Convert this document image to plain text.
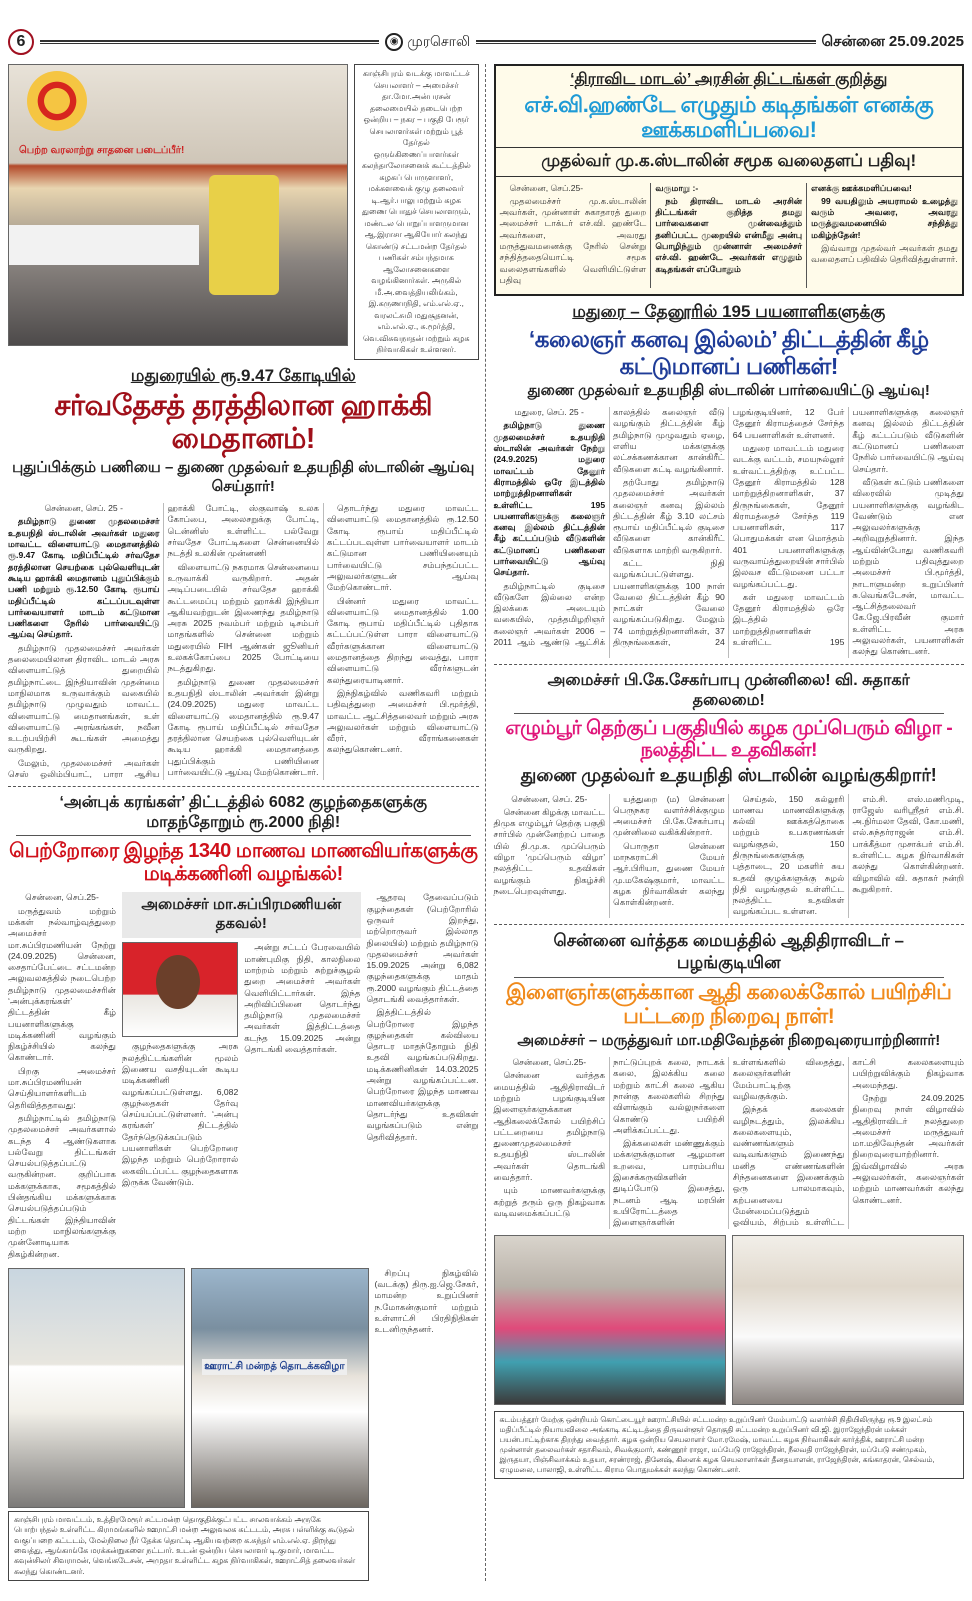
6	◉ முரசொலி	சென்னை 25.09.2025
பெற்ற வரலாற்று சாதனை படைப்பீர்!
காஞ்சிபுரம் வடக்கு மாவட்டச் செயலாளர் – அமைச்சர் தா.மோ.அன்பரசன் தலைமையில் நடைபெற்ற ஒன்றிய – நகர – பகுதி பேரூர் செயலாளர்கள் மற்றும் பூத் தேர்தல் ஒருங்கிணைப்பாளர்கள் கலந்தாலோசனைக் கூட்டத்தில் கழகப் பொருளாளர், மக்களவைக் குழு தலைவர் டி.ஆர்.பாலு மற்றும் கழக துணை பொதுச் செயலாளரும், மண்டல பொறுப்பாளருமான ஆ.இராசா ஆகியோர் கலந்து கொண்டு சட்டமன்ற தேர்தல் பணிகள் சம்பந்தமாக ஆலோசனைகளை வழங்கினார்கள். அருகில் மீ.அ.வைத்தியலிங்கம், இ.கருணாநிதி, எம்.எல்.ஏ., வரலட்சுமி மதுசூதனன், எம்.எல்.ஏ., சு.மூர்த்தி, வெ.விசுவநாதன் மற்றும் கழக நிர்வாகிகள் உள்ளனர்.
மதுரையில் ரூ.9.47 கோடியில்
சர்வதேசத் தரத்திலான ஹாக்கி மைதானம்!
புதுப்பிக்கும் பணியை – துணை முதல்வர் உதயநிதி ஸ்டாலின் ஆய்வு செய்தார்!

சென்னை, செப். 25 -

தமிழ்நாடு துணை முதலமைச்சர் உதயநிதி ஸ்டாலின் அவர்கள் மதுரை மாவட்ட விளையாட்டு மைதானத்தில் ரூ.9.47 கோடி மதிப்பீட்டில் சர்வதேச தரத்திலான செயற்கை புல்வெளியுடன் கூடிய ஹாக்கி மைதானம் புதுப்பிக்கும் பணி மற்றும் ரூ.12.50 கோடி ரூபாய் மதிப்பீட்டில் கட்டப்படவுள்ள பார்வையாளர் மாடம் கட்டுமான பணிகளை நேரில் பார்வையிட்டு ஆய்வு செய்தார்.

தமிழ்நாடு முதலமைச்சர் அவர்கள் தலைமையிலான திராவிட மாடல் அரசு விளையாட்டுத் துறையில் தமிழ்நாட்டை இந்தியாவின் முதன்மை மாநிலமாக உருவாக்கும் வகையில் தமிழ்நாடு முழுவதும் மாவட்ட விளையாட்டு மைதானங்கள், உள் விளையாட்டு அரங்கங்கள், நவீன உடற்பயிற்சி கூடங்கள் அமைத்து வருகிறது.

மேலும், முதலமைச்சர் அவர்கள் செஸ் ஒலிம்பியாட், பாரா ஆசிய ஹாக்கி போட்டி, ஸ்குவாஷ் உலக கோப்பை, அலைசறுக்கு போட்டி, டென்னிஸ் உள்ளிட்ட பல்வேறு சர்வதேச போட்டிகளை சென்னையில் நடத்தி உலகின் முன்னணி

விளையாட்டு நகரமாக சென்னையை உருவாக்கி வருகிறார். அதன் அடிப்படையில் சர்வதேச ஹாக்கி கூட்டமைப்பு மற்றும் ஹாக்கி இந்தியா ஆகியவற்றுடன் இணைந்து தமிழ்நாடு அரசு 2025 நவம்பர் மற்றும் டிசம்பர் மாதங்களில் சென்னை மற்றும் மதுரையில் FIH ஆண்கள் ஜூனியர் உலகக்கோப்பை 2025 போட்டியை நடத்துகிறது.

தமிழ்நாடு துணை முதலமைச்சர் உதயநிதி ஸ்டாலின் அவர்கள் இன்று (24.09.2025) மதுரை மாவட்ட விளையாட்டு மைதானத்தில் ரூ.9.47 கோடி ரூபாய் மதிப்பீட்டில் சர்வதேச தரத்திலான செயற்கை புல்வெளியுடன் கூடிய ஹாக்கி மைதானத்தை புதுப்பிக்கும் பணியினை பார்வையிட்டு ஆய்வு மேற்கொண்டார்.

தொடர்ந்து மதுரை மாவட்ட விளையாட்டு மைதானத்தில் ரூ.12.50 கோடி ரூபாய் மதிப்பீட்டில் கட்டப்படவுள்ள பார்வையாளர் மாடம் கட்டுமான பணியினையும் பார்வையிட்டு சம்பந்தப்பட்ட அலுவலர்களுடன் ஆய்வு மேற்கொண்டார்.

பின்னர் மதுரை மாவட்ட விளையாட்டு மைதானத்தில் 1.00 கோடி ரூபாய் மதிப்பீட்டில் புதிதாக கட்டப்பட்டுள்ள பாரா விளையாட்டு வீரர்களுக்கான விளையாட்டு மைதானத்தை திறந்து வைத்து, பாரா விளையாட்டு வீரர்களுடன் கலந்துரையாடினார்.

இந்நிகழ்வில் வணிகவரி மற்றும் பதிவுத்துறை அமைச்சர் பி.மூர்த்தி, மாவட்ட ஆட்சித்தலைவர் மற்றும் அரசு அலுவலர்கள் மற்றும் விளையாட்டு வீரர், வீராங்கனைகள் கலந்துகொண்டனர்.

‘அன்புக் கரங்கள்’ திட்டத்தில் 6082 குழந்தைகளுக்கு மாதந்தோறும் ரூ.2000 நிதி!
பெற்றோரை இழந்த 1340 மாணவ மாணவியர்களுக்கு மடிக்கணினி வழங்கல்!

சென்னை, செப்.25-

மருத்துவம் மற்றும் மக்கள் நல்வாழ்வுத்துறை அமைச்சர் மா.சுப்பிரமணியன் நேற்று (24.09.2025) சென்னை, சைதாப்பேட்டை சட்டமன்ற அலுவலகத்தில் நடைபெற்ற தமிழ்நாடு முதலமைச்சரின் ‘அன்புக்கரங்கள்’ திட்டத்தின் கீழ் பயனாளிகளுக்கு மடிக்கணினி வழங்கும் நிகழ்ச்சியில் கலந்து கொண்டார்.

பிறகு அமைச்சர் மா.சுப்பிரமணியன் செய்தியாளர்களிடம் தெரிவித்ததாவது:

தமிழ்நாட்டில் தமிழ்நாடு முதலமைச்சர் அவர்களால் கடந்த 4 ஆண்டுகளாக பல்வேறு திட்டங்கள் செயல்படுத்தப்பட்டு வருகின்றன. குறிப்பாக மக்களுக்காக, சமூகத்தில் பின்தங்கிய மக்களுக்காக செயல்படுத்தப்படும் திட்டங்கள் இந்தியாவின் மற்ற மாநிலங்களுக்கு முன்னோடியாக திகழ்கின்றன.

அமைச்சர் மா.சுப்பிரமணியன் தகவல்!

குழந்தைகளுக்கு அரசு நலத்திட்டங்களின் மூலம் இணைய வசதியுடன் கூடிய மடிக்கணினி வழங்கப்பட்டுள்ளது. 6,082 குழந்தைகள் தேர்வு செய்யப்பட்டுள்ளனர். ‘அன்பு கரங்கள்’ திட்டத்தில் தேர்ந்தெடுக்கப்படும் பயனாளிகள் பெற்றோரை இழந்த மற்றும் பெற்றோரால் கைவிடப்பட்ட குழந்தைகளாக இருக்க வேண்டும்.

அன்று சட்டப் பேரவையில் மாண்புமிகு நிதி, காலநிலை மாற்றம் மற்றும் சுற்றுச்சூழல் துறை அமைச்சர் அவர்கள் வெளியிட்டார்கள். இந்த அறிவிப்பினை தொடர்ந்து தமிழ்நாடு முதலமைச்சர் அவர்கள் இத்திட்டத்தை கடந்த 15.09.2025 அன்று தொடங்கி வைத்தார்கள்.

ஆதரவு தேவைப்படும் குழந்தைகள் (பெற்றோரில் ஒருவர் இறந்து, மற்றொருவர் இல்லாத நிலையில்) மற்றும் தமிழ்நாடு முதலமைச்சர் அவர்கள் 15.09.2025 அன்று 6,082 குழந்தைகளுக்கு மாதம் ரூ.2000 வழங்கும் திட்டத்தை தொடங்கி வைத்தார்கள்.

இத்திட்டத்தில் பெற்றோரை இழந்த குழந்தைகள் கல்வியை தொடர மாதந்தோறும் நிதி உதவி வழங்கப்படுகிறது. மடிக்கணினிகள் 14.03.2025 அன்று வழங்கப்பட்டன. பெற்றோரை இழந்த மாணவ மாணவியர்களுக்கு தொடர்ந்து உதவிகள் வழங்கப்படும் என்று தெரிவித்தார்.

ஊராட்சி மன்றத் தொடக்கவிழா
காஞ்சிபுரம் மாவட்டம், உத்திரமேரூர் சட்டமன்ற தொகுதிக்குட்பட்ட சாலவாக்கம் அருகே பொற்பந்தல் உள்ளிட்ட கிராமங்களில் ஊராட்சி மன்ற அலுவலக கட்டடம், அரசு பள்ளிக்கு கூடுதல் வகுப்பறை கட்டடம், மேல்நிலை நீர் தேக்க தொட்டி ஆகியவற்றை க.சுந்தர் எம்.எல்.ஏ. திறந்து வைத்து, ஆங்காங்கே மரக்கன்றுகளை நட்டார். உடன் ஒன்றிய செயலாளர் டி.குமார், மாவட்ட கவுன்சிலர் சிவராமன், வெங்கடேசன், அமுதா உள்ளிட்ட கழக நிர்வாகிகள், ஊராட்சித் தலைவர்கள் கலந்து கொண்டனர்.

சிறப்பு நிகழ்வில் (வடக்கு) திரு.ஐ.ஜெ.சேகர், மாமன்ற உறுப்பினர் ந.மோகன்குமார் மற்றும் உள்ளாட்சி பிரதிநிதிகள் உடனிருந்தனர்.

‘திராவிட மாடல்’ அரசின் திட்டங்கள் குறித்து
எச்.வி.ஹண்டே எழுதும் கடிதங்கள் எனக்கு ஊக்கமளிப்பவை!
முதல்வர் மு.க.ஸ்டாலின் சமூக வலைதளப் பதிவு!

சென்னை, செப்.25-

முதலமைச்சர் மு.க.ஸ்டாலின் அவர்கள், முன்னாள் சுகாதாரத் துறை அமைச்சர் டாக்டர் எச்.வி. ஹண்டே அவர்களை, அவரது மருத்துவமனைக்கு நேரில் சென்று சந்தித்ததையொட்டி சமூக வலைதளங்களில் வெளியிட்டுள்ள பதிவு

வருமாறு :-

நம் திராவிட மாடல் அரசின் திட்டங்கள் குறித்த தமது பார்வைகளை முன்வைத்தும் தனிப்பட்ட முறையில் என்மீது அன்பு பொழிந்தும் முன்னாள் அமைச்சர் எச்.வி. ஹண்டே அவர்கள் எழுதும் கடிதங்கள் எப்போதும்

எனக்கு ஊக்கமளிப்பவை!

99 வயதிலும் அயராமல் உழைத்து வரும் அவரை, அவரது மருத்துவமனையில் சந்தித்து மகிழ்ந்தேன்!

இவ்வாறு முதல்வர் அவர்கள் தமது வலைதளப் பதிவில் தெரிவித்துள்ளார்.

மதுரை – தேனூரில் 195 பயனாளிகளுக்கு
‘கலைஞர் கனவு இல்லம்’ திட்டத்தின் கீழ் கட்டுமானப் பணிகள்!
துணை முதல்வர் உதயநிதி ஸ்டாலின் பார்வையிட்டு ஆய்வு!

மதுரை, செப். 25 -

தமிழ்நாடு துணை முதலமைச்சர் உதயநிதி ஸ்டாலின் அவர்கள் நேற்று (24.9.2025) மதுரை மாவட்டம் தேனூர் கிராமத்தில் ஒரே இடத்தில் மாற்றுத்திறனாளிகள் உள்ளிட்ட 195 பயனாளிகளுக்கு கலைஞர் கனவு இல்லம் திட்டத்தின் கீழ் கட்டப்படும் வீடுகளின் கட்டுமானப் பணிகளை பார்வையிட்டு ஆய்வு செய்தார்.

தமிழ்நாட்டில் குடிசை வீடுகளே இல்லை என்ற இலக்கை அடையும் வகையில், முத்தமிழறிஞர் கலைஞர் அவர்கள் 2006 – 2011 ஆம் ஆண்டு ஆட்சிக் காலத்தில் கலைஞர் வீடு வழங்கும் திட்டத்தின் கீழ் தமிழ்நாடு முழுவதும் ஏழை, எளிய மக்களுக்கு லட்சக்கணக்கான கான்கிரீட் வீடுகளை கட்டி வழங்கினார்.

தற்போது தமிழ்நாடு முதலமைச்சர் அவர்கள் கலைஞர் கனவு இல்லம் திட்டத்தின் கீழ் 3.10 லட்சம் ரூபாய் மதிப்பீட்டில் குடிசை வீடுகளை கான்கிரீட் வீடுகளாக மாற்றி வருகிறார்.

கட்ட நிதி வழங்கப்பட்டுள்ளது. பயனாளிகளுக்கு 100 நாள் வேலை திட்டத்தின் கீழ் 90 நாட்கள் வேலை வழங்கப்படுகிறது. மேலும் 74 மாற்றுத்திறனாளிகள், 37 திருநங்கைகள், 24 பழங்குடியினர், 12 பேர் தேனூர் கிராமத்தைச் சேர்ந்த 64 பயனாளிகள் உள்ளனர்.

மதுரை மாவட்டம் மதுரை வடக்கு வட்டம், சமயநல்லூர் உள்வட்டத்திற்கு உட்பட்ட தேனூர் கிராமத்தில் 128 மாற்றுத்திறனாளிகள், 37 திருநங்கைகள், தேனூர் கிராமத்தைச் சேர்ந்த 119 பயனாளிகள், 117 பொதுமக்கள் என மொத்தம் 401 பயனாளிகளுக்கு வருவாய்த்துறையின் சார்பில் இலவச வீட்டுமனை பட்டா வழங்கப்பட்டது.

கள் மதுரை மாவட்டம் தேனூர் கிராமத்தில் ஒரே இடத்தில் மாற்றுத்திறனாளிகள் உள்ளிட்ட 195 பயனாளிகளுக்கு கலைஞர் கனவு இல்லம் திட்டத்தின் கீழ் கட்டப்படும் வீடுகளின் கட்டுமானப் பணிகளை நேரில் பார்வையிட்டு ஆய்வு செய்தார்.

வீடுகள் கட்டும் பணிகளை விரைவில் முடித்து பயனாளிகளுக்கு வழங்கிட வேண்டும் என அலுவலர்களுக்கு அறிவுறுத்தினார். இந்த ஆய்வின்போது வணிகவரி மற்றும் பதிவுத்துறை அமைச்சர் பி.மூர்த்தி, நாடாளுமன்ற உறுப்பினர் சு.வெங்கடேசன், மாவட்ட ஆட்சித்தலைவர் கே.ஜே.பிரவீன் குமார் உள்ளிட்ட அரசு அலுவலர்கள், பயனாளிகள் கலந்து கொண்டனர்.

அமைச்சர் பி.கே.சேகர்பாபு முன்னிலை! வி. சுதாகர் தலைமை!
எழும்பூர் தெற்குப் பகுதியில் கழக முப்பெரும் விழா - நலத்திட்ட உதவிகள்!
துணை முதல்வர் உதயநிதி ஸ்டாலின் வழங்குகிறார்!

சென்னை, செப். 25-

சென்னை கிழக்கு மாவட்ட திமுக எழும்பூர் தெற்கு பகுதி சார்பில் முன்னேற்றப் பாதை யில் தி.மு.க. முப்பெரும் விழா ‘முப்பெரும் விழா’ நலத்திட்ட உதவிகள் வழங்கும் நிகழ்ச்சி நடைபெறவுள்ளது.

யத்துறை (ம) சென்னை பெருநகர வளர்ச்சிக்குழும அமைச்சர் பி.கே.சேகர்பாபு முன்னிலை வகிக்கின்றார்.

பொருதா சென்னை மாநகராட்சி மேயர் ஆர்.பிரியா, துணை மேயர் மு.மகேஷ்குமார், மாவட்ட கழக நிர்வாகிகள் கலந்து கொள்கின்றனர்.

செய்தல், 150 கல்லூரி மாணவ மாணவிகளுக்கு கல்வி ஊக்கத்தொகை மற்றும் உபகரணங்கள் வழங்குதல், 150 திருநங்கைகளுக்கு புத்தாடை, 20 மகளிர் சுய உதவி குழுக்களுக்கு சுழல் நிதி வழங்குதல் உள்ளிட்ட நலத்திட்ட உதவிகள் வழங்கப்பட உள்ளன.

எம்.சி. எஸ்.மணிமுடி, ராஜேஸ் வரிஸ்ரீதர் எம்.சி. அ.நிர்மலா தேவி, கோ.மணி, எல்.சுந்தர்ராஜன் எம்.சி. பாக்கீத்மா முசாக்பர் எம்.சி. உள்ளிட்ட கழக நிர்வாகிகள் கலந்து கொள்கின்றனர். விழாவில் வி. சுதாகர் நன்றி கூறுகிறார்.

சென்னை வர்த்தக மையத்தில் ஆதிதிராவிடர் – பழங்குடியின
இளைஞர்களுக்கான ஆதி கலைக்கோல் பயிற்சிப் பட்டறை நிறைவு நாள்!
அமைச்சர் – மருத்துவர் மா.மதிவேந்தன் நிறைவுரையாற்றினார்!

சென்னை, செப்.25-

சென்னை வர்த்தக மையத்தில் ஆதிதிராவிடர் மற்றும் பழங்குடியின இளைஞர்களுக்கான ஆதிகலைக்கோல் பயிற்சிப் பட்டறையை தமிழ்நாடு துணைமுதலமைச்சர் உதயநிதி ஸ்டாலின் அவர்கள் தொடங்கி வைத்தார்.

யும் மாணவர்களுக்கு கற்றுத் தரும் ஒரு நிகழ்வாக வடிவமைக்கப்பட்டு நாட்டுப்புறக் கலை, நாடகக் கலை, இலக்கிய கலை மற்றும் காட்சி கலை ஆகிய நான்கு கலைகளில் சிறந்து விளங்கும் வல்லுநர்களை கொண்டு பயிற்சி அளிக்கப்பட்டது.

இக்கலைகள் மண்ணுக்கும் மக்களுக்குமான ஆழமான உறவை, பாரம்பரிய இசைக்கருவிகளின் துடிப்போடு இசைத்து, நடனம் ஆடி மரபின் உயிரோட்டத்தை இளைஞர்களின் உள்ளங்களில் விதைத்து, கலைஞர்களின் மேம்பாட்டிற்கு வழிவகுக்கும்.

இந்தக் கலைகள் வழிநடத்தும், இலக்கிய கலைகளையும், வண்ணங்களும் வடிவங்களும் இணைந்து மனித எண்ணங்களின் சிந்தனைகளை இணைக்கும் ஒரு பாலமாகவும், கற்பனையை மேன்மைப்படுத்தும் ஓவியம், சிற்பம் உள்ளிட்ட காட்சி கலைகளையும் பயிற்றுவிக்கும் நிகழ்வாக அமைந்தது.

நேற்று 24.09.2025 நிறைவு நாள் விழாவில் ஆதிதிராவிடர் நலத்துறை அமைச்சர் மருத்துவர் மா.மதிவேந்தன் அவர்கள் நிறைவுரையாற்றினார். இவ்விழாவில் அரசு அலுவலர்கள், கலைஞர்கள் மற்றும் மாணவர்கள் கலந்து கொண்டனர்.

கடம்பத்தூர் மேற்கு ஒன்றியம் கொட்டையூர் ஊராட்சியில் சட்டமன்ற உறுப்பினர் மேம்பாட்டு வளர்ச்சி நிதியிலிருந்து ரூ.9 இலட்சம் மதிப்பீட்டில் நியாயவிலை அங்காடி கட்டிடத்தை திருவள்ளூர் தொகுதி சட்டமன்ற உறுப்பினர் வி.ஜி. இராஜேந்திரன் மக்கள் பயன்பாட்டிற்காக திறந்து வைத்தார். கழக ஒன்றிய செயலாளர் மோ.ரமேஷ், மாவட்ட கழக நிர்வாகிகள் கார்த்திக், ஊராட்சி மன்ற முன்னாள் தலைவர்கள் சதாசிவம், சிவக்குமார், கண்ணூர் ராஜா, மப்பேடு ராஜேந்திரன், நீலவதி ராஜேந்திரன், மப்பேடு சண்முகம், இருதயா, பிஞ்சிவாக்கம் உதயா, சரண்ராஜ், தினேஷ், கிளைக் கழக செயலாளர்கள் தீனதயாளன், ராஜேந்திரன், கங்காதரன், செல்வம், ஏழுமலை, பாலாஜி, உள்ளிட்ட கிராம பொதுமக்கள் கலந்து கொண்டனர்.
